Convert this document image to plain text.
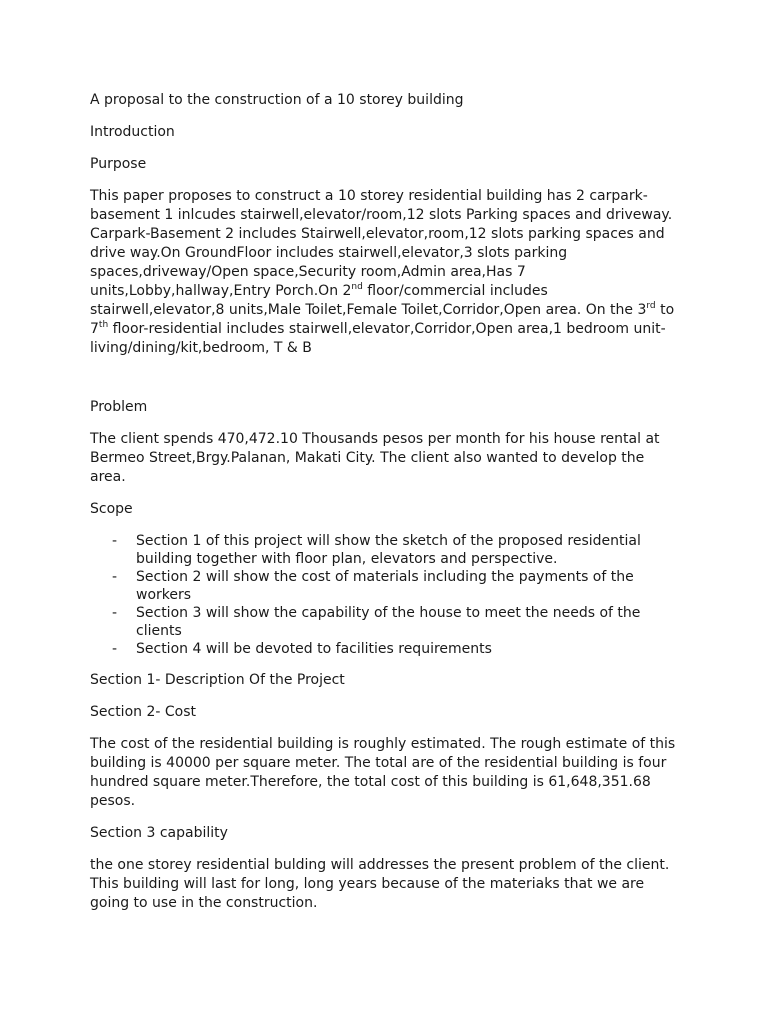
A proposal to the construction of a 10 storey building

Introduction

Purpose

This paper proposes to construct a 10 storey residential building has 2 carpark-basement 1 inlcudes stairwell,elevator/room,12 slots Parking spaces and driveway. Carpark-Basement 2 includes Stairwell,elevator,room,12 slots parking spaces and drive way.On GroundFloor includes stairwell,elevator,3 slots parking spaces,driveway/Open space,Security room,Admin area,Has 7 units,Lobby,hallway,Entry Porch.On 2nd floor/commercial includes stairwell,elevator,8 units,Male Toilet,Female Toilet,Corridor,Open area. On the 3rd to 7th floor-residential includes stairwell,elevator,Corridor,Open area,1 bedroom unit-living/dining/kit,bedroom, T & B

Problem

The client spends 470,472.10 Thousands pesos per month for his house rental at Bermeo Street,Brgy.Palanan, Makati City. The client also wanted to develop the area.

Scope

- Section 1 of this project will show the sketch of the proposed residential building together with floor plan, elevators and perspective.
- Section 2 will show the cost of materials including the payments of the workers
- Section 3 will show the capability of the house to meet the needs of the clients
- Section 4 will be devoted to facilities requirements

Section 1- Description Of the Project

Section 2- Cost

The cost of the residential building is roughly estimated. The rough estimate of this building is 40000 per square meter. The total are of the residential building is four hundred square meter.Therefore, the total cost of this building is 61,648,351.68 pesos.

Section 3 capability

the one storey residential bulding will addresses the present problem of the client. This building will last for long, long years because of the materiaks that we are going to use in the construction.
